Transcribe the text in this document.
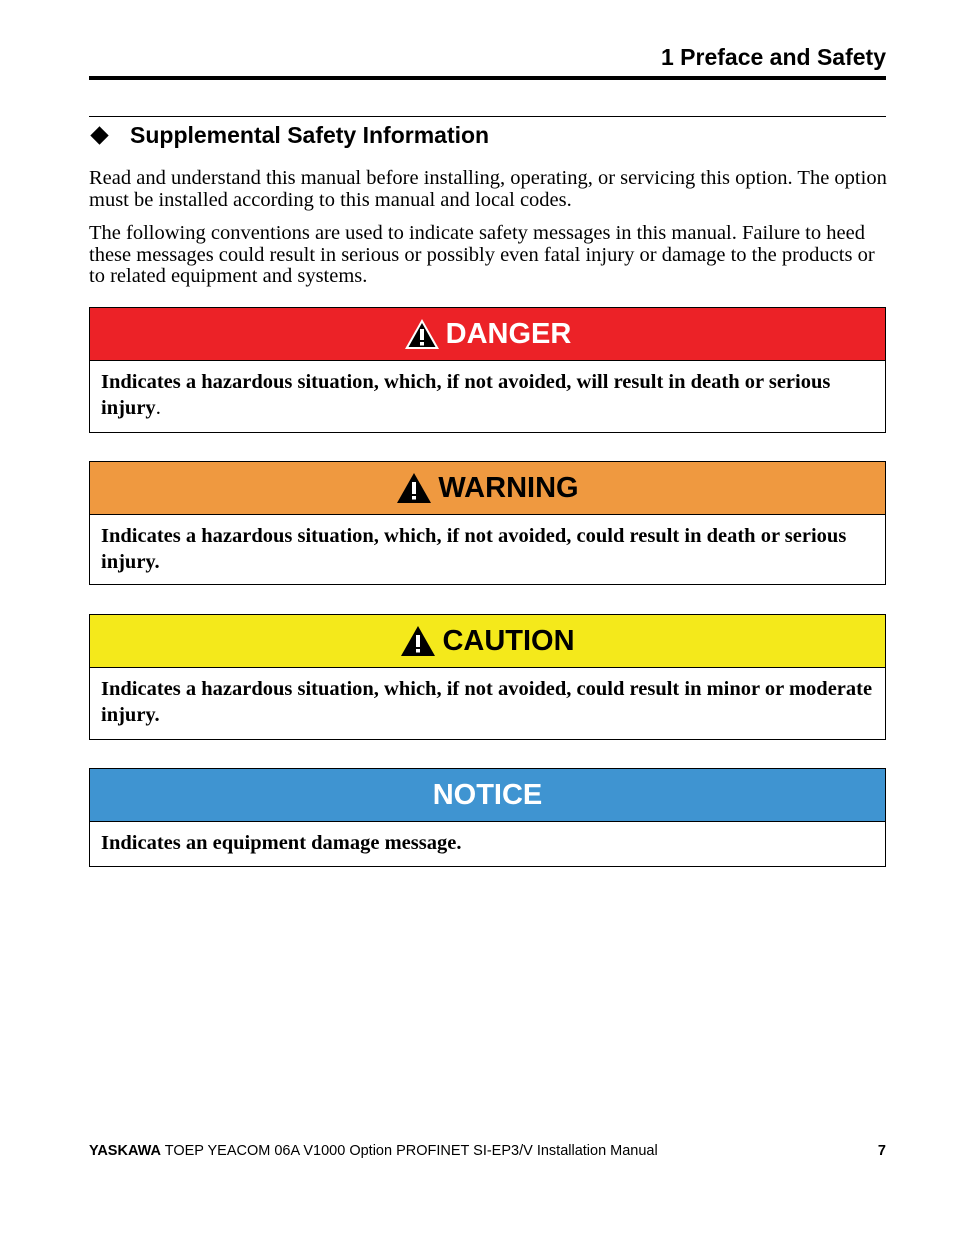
1 Preface and Safety
Supplemental Safety Information
Read and understand this manual before installing, operating, or servicing this option. The option must be installed according to this manual and local codes.
The following conventions are used to indicate safety messages in this manual. Failure to heed these messages could result in serious or possibly even fatal injury or damage to the products or to related equipment and systems.
DANGER
Indicates a hazardous situation, which, if not avoided, will result in death or serious injury.
WARNING
Indicates a hazardous situation, which, if not avoided, could result in death or serious injury.
CAUTION
Indicates a hazardous situation, which, if not avoided, could result in minor or moderate injury.
NOTICE
Indicates an equipment damage message.
YASKAWA TOEP YEACOM 06A V1000 Option PROFINET SI-EP3/V Installation Manual	7
